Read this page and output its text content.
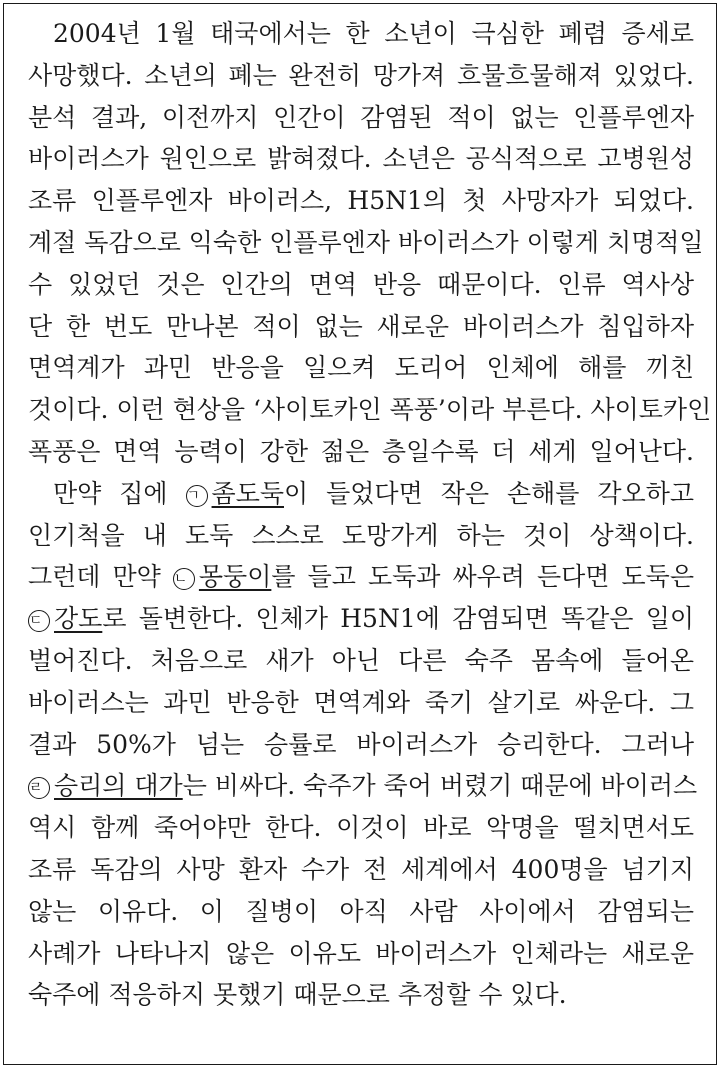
2004년 1월 태국에서는 한 소년이 극심한 폐렴 증세로
사망했다. 소년의 폐는 완전히 망가져 흐물흐물해져 있었다.
분석 결과, 이전까지 인간이 감염된 적이 없는 인플루엔자
바이러스가 원인으로 밝혀졌다. 소년은 공식적으로 고병원성
조류 인플루엔자 바이러스, H5N1의 첫 사망자가 되었다.
계절 독감으로 익숙한 인플루엔자 바이러스가 이렇게 치명적일
수 있었던 것은 인간의 면역 반응 때문이다. 인류 역사상
단 한 번도 만나본 적이 없는 새로운 바이러스가 침입하자
면역계가 과민 반응을 일으켜 도리어 인체에 해를 끼친
것이다. 이런 현상을 ‘사이토카인 폭풍’이라 부른다. 사이토카인
폭풍은 면역 능력이 강한 젊은 층일수록 더 세게 일어난다.
만약 집에 ㄱ 좀도둑이 들었다면 작은 손해를 각오하고
인기척을 내 도둑 스스로 도망가게 하는 것이 상책이다.
그런데 만약 ㄴ 몽둥이를 들고 도둑과 싸우려 든다면 도둑은
ㄷ 강도로 돌변한다. 인체가 H5N1에 감염되면 똑같은 일이
벌어진다. 처음으로 새가 아닌 다른 숙주 몸속에 들어온
바이러스는 과민 반응한 면역계와 죽기 살기로 싸운다. 그
결과 50%가 넘는 승률로 바이러스가 승리한다. 그러나
ㄹ 승리의 대가는 비싸다. 숙주가 죽어 버렸기 때문에 바이러스
역시 함께 죽어야만 한다. 이것이 바로 악명을 떨치면서도
조류 독감의 사망 환자 수가 전 세계에서 400명을 넘기지
않는 이유다. 이 질병이 아직 사람 사이에서 감염되는
사례가 나타나지 않은 이유도 바이러스가 인체라는 새로운
숙주에 적응하지 못했기 때문으로 추정할 수 있다.
